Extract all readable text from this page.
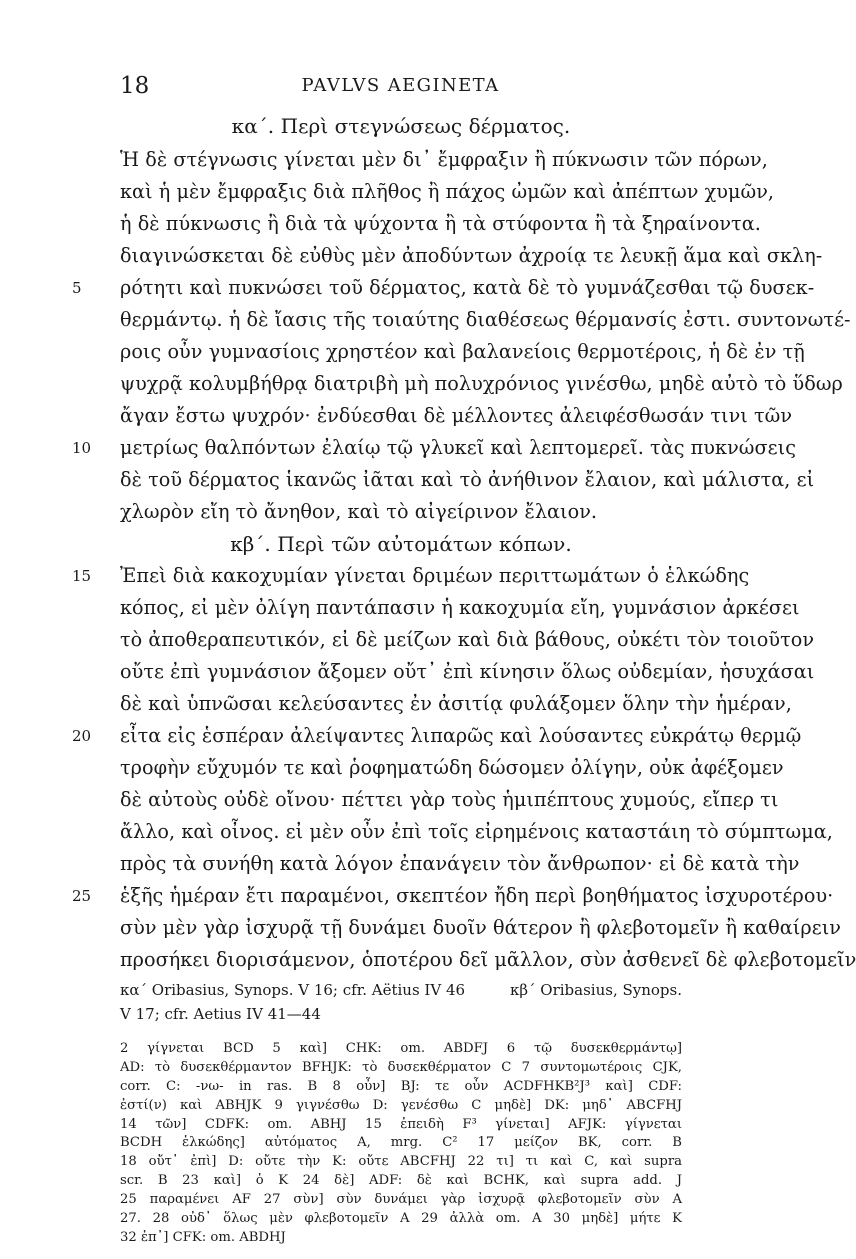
18	PAVLVS AEGINETA
κα΄. Περὶ στεγνώσεως δέρματος.
Ἡ δὲ στέγνωσις γίνεται μὲν δι᾽ ἔμφραξιν ἢ πύκνωσιν τῶν πόρων,
καὶ ἡ μὲν ἔμφραξις διὰ πλῆθος ἢ πάχος ὠμῶν καὶ ἀπέπτων χυμῶν,
ἡ δὲ πύκνωσις ἢ διὰ τὰ ψύχοντα ἢ τὰ στύφοντα ἢ τὰ ξηραίνοντα.
διαγινώσκεται δὲ εὐθὺς μὲν ἀποδύντων ἀχροίᾳ τε λευκῇ ἅμα καὶ σκλη-
ρότητι καὶ πυκνώσει τοῦ δέρματος, κατὰ δὲ τὸ γυμνάζεσθαι τῷ δυσεκ-
θερμάντῳ. ἡ δὲ ἴασις τῆς τοιαύτης διαθέσεως θέρμανσίς ἐστι. συντονωτέ-
ροις οὖν γυμνασίοις χρηστέον καὶ βαλανείοις θερμοτέροις, ἡ δὲ ἐν τῇ
ψυχρᾷ κολυμβήθρᾳ διατριβὴ μὴ πολυχρόνιος γινέσθω, μηδὲ αὐτὸ τὸ ὕδωρ
ἄγαν ἔστω ψυχρόν· ἐνδύεσθαι δὲ μέλλοντες ἀλειφέσθωσάν τινι τῶν
μετρίως θαλπόντων ἐλαίῳ τῷ γλυκεῖ καὶ λεπτομερεῖ. τὰς πυκνώσεις
δὲ τοῦ δέρματος ἱκανῶς ἰᾶται καὶ τὸ ἀνήθινον ἔλαιον, καὶ μάλιστα, εἰ
χλωρὸν εἴη τὸ ἄνηθον, καὶ τὸ αἰγείρινον ἔλαιον.
κβ΄. Περὶ τῶν αὐτομάτων κόπων.
Ἐπεὶ διὰ κακοχυμίαν γίνεται δριμέων περιττωμάτων ὁ ἑλκώδης
κόπος, εἰ μὲν ὀλίγη παντάπασιν ἡ κακοχυμία εἴη, γυμνάσιον ἀρκέσει
τὸ ἀποθεραπευτικόν, εἰ δὲ μείζων καὶ διὰ βάθους, οὐκέτι τὸν τοιοῦτον
οὔτε ἐπὶ γυμνάσιον ἄξομεν οὔτ᾽ ἐπὶ κίνησιν ὅλως οὐδεμίαν, ἡσυχάσαι
δὲ καὶ ὑπνῶσαι κελεύσαντες ἐν ἀσιτίᾳ φυλάξομεν ὅλην τὴν ἡμέραν,
εἶτα εἰς ἑσπέραν ἀλείψαντες λιπαρῶς καὶ λούσαντες εὐκράτῳ θερμῷ
τροφὴν εὔχυμόν τε καὶ ῥοφηματώδη δώσομεν ὀλίγην, οὐκ ἀφέξομεν
δὲ αὐτοὺς οὐδὲ οἴνου· πέττει γὰρ τοὺς ἡμιπέπτους χυμούς, εἴπερ τι
ἄλλο, καὶ οἶνος. εἰ μὲν οὖν ἐπὶ τοῖς εἰρημένοις καταστάιη τὸ σύμπτωμα,
πρὸς τὰ συνήθη κατὰ λόγον ἐπανάγειν τὸν ἄνθρωπον· εἰ δὲ κατὰ τὴν
ἑξῆς ἡμέραν ἔτι παραμένοι, σκεπτέον ἤδη περὶ βοηθήματος ἰσχυροτέρου·
σὺν μὲν γὰρ ἰσχυρᾷ τῇ δυνάμει δυοῖν θάτερον ἢ φλεβοτομεῖν ἢ καθαίρειν
προσήκει διορισάμενον, ὁποτέρου δεῖ μᾶλλον, σὺν ἀσθενεῖ δὲ φλεβοτομεῖν
5
10
15
20
25
κα΄ Oribasius, Synops. V 16; cfr. Aëtius IV 46	κβ΄ Oribasius, Synops.
V 17; cfr. Aetius IV 41—44
2 γίγνεται BCD 5 καὶ] CHK: om. ABDFJ 6 τῷ δυσεκθερμάντῳ]
AD: τὸ δυσεκθέρμαντον BFHJK: τὸ δυσεκθέρματον C 7 συντομωτέροις CJK,
corr. C: -νω- in ras. B 8 οὖν] BJ: τε οὖν ACDFHKB²J³ καὶ] CDF:
ἐστί(ν) καὶ ABHJK 9 γιγνέσθω D: γενέσθω C μηδὲ] DK: μηδ᾽ ABCFHJ
14 τῶν] CDFK: om. ABHJ 15 ἐπειδὴ F³ γίνεται] AFJK: γίγνεται
BCDH ἑλκώδης] αὐτόματος A, mrg. C² 17 μείζον BK, corr. B
18 οὔτ᾽ ἐπὶ] D: οὔτε τὴν K: οὔτε ABCFHJ 22 τι] τι καὶ C, καὶ supra
scr. B 23 καὶ] ὁ K 24 δὲ] ADF: δὲ καὶ BCHK, καὶ supra add. J
25 παραμένει AF 27 σὺν] σὺν δυνάμει γὰρ ἰσχυρᾷ φλεβοτομεῖν σὺν A
27. 28 οὐδ᾽ ὅλως μὲν φλεβοτομεῖν A 29 ἀλλὰ om. A 30 μηδὲ] μήτε K
32 ἐπ᾽] CFK: om. ABDHJ
